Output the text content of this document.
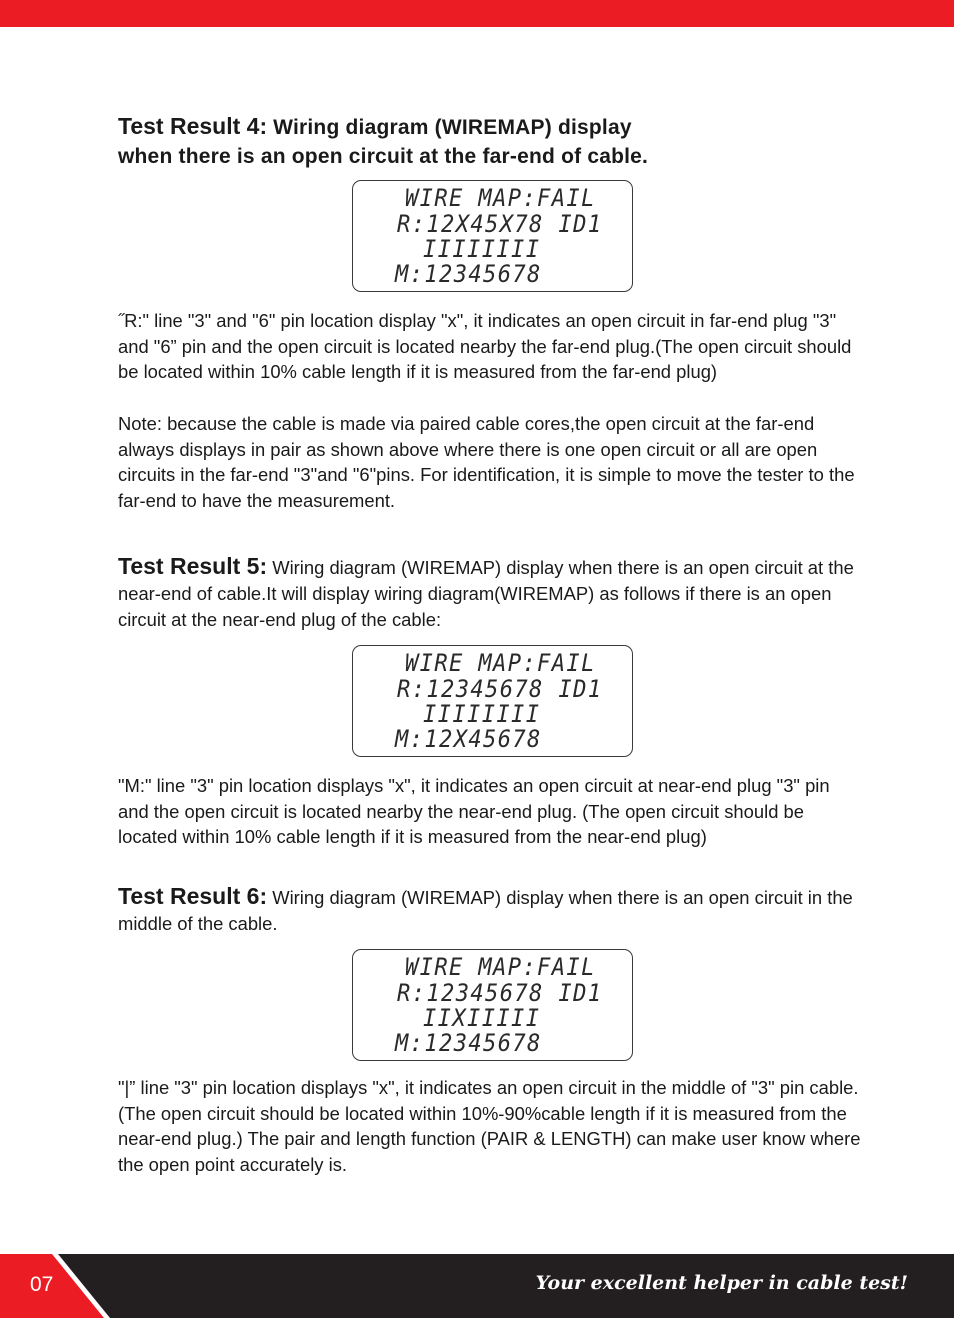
Test Result 4: Wiring diagram (WIREMAP) display
when there is an open circuit at the far-end of cable.
WIRE MAP:FAIL
R:12X45X78 ID1
IIIIIIII
M:12345678

˝R:" line "3" and "6" pin location display "x", it indicates an open circuit in far-end plug "3" and "6” pin and the open circuit is located nearby the far-end plug.(The open circuit should be located within 10% cable length if it is measured from the far-end plug)

Note: because the cable is made via paired cable cores,the open circuit at the far-end always displays in pair as shown above where there is one open circuit or all are open circuits in the far-end "3"and "6"pins. For identification, it is simple to move the tester to the far-end to have the measurement.

Test Result 5: Wiring diagram (WIREMAP) display when there is an open circuit at the near-end of cable.It will display wiring diagram(WIREMAP) as follows if there is an open circuit at the near-end plug of the cable:

WIRE MAP:FAIL
R:12345678 ID1
IIIIIIII
M:12X45678

"M:" line "3" pin location displays "x", it indicates an open circuit at near-end plug "3" pin and the open circuit is located nearby the near-end plug. (The open circuit should be located within 10% cable length if it is measured from the near-end plug)

Test Result 6: Wiring diagram (WIREMAP) display when there is an open circuit in the middle of the cable.

WIRE MAP:FAIL
R:12345678 ID1
IIXIIIII
M:12345678

"|” line "3" pin location displays "x", it indicates an open circuit in the middle of "3" pin cable. (The open circuit should be located within 10%-90%cable length if it is measured from the near-end plug.) The pair and length function (PAIR & LENGTH) can make user know where the open point accurately is.

07	Your excellent helper in cable test!
